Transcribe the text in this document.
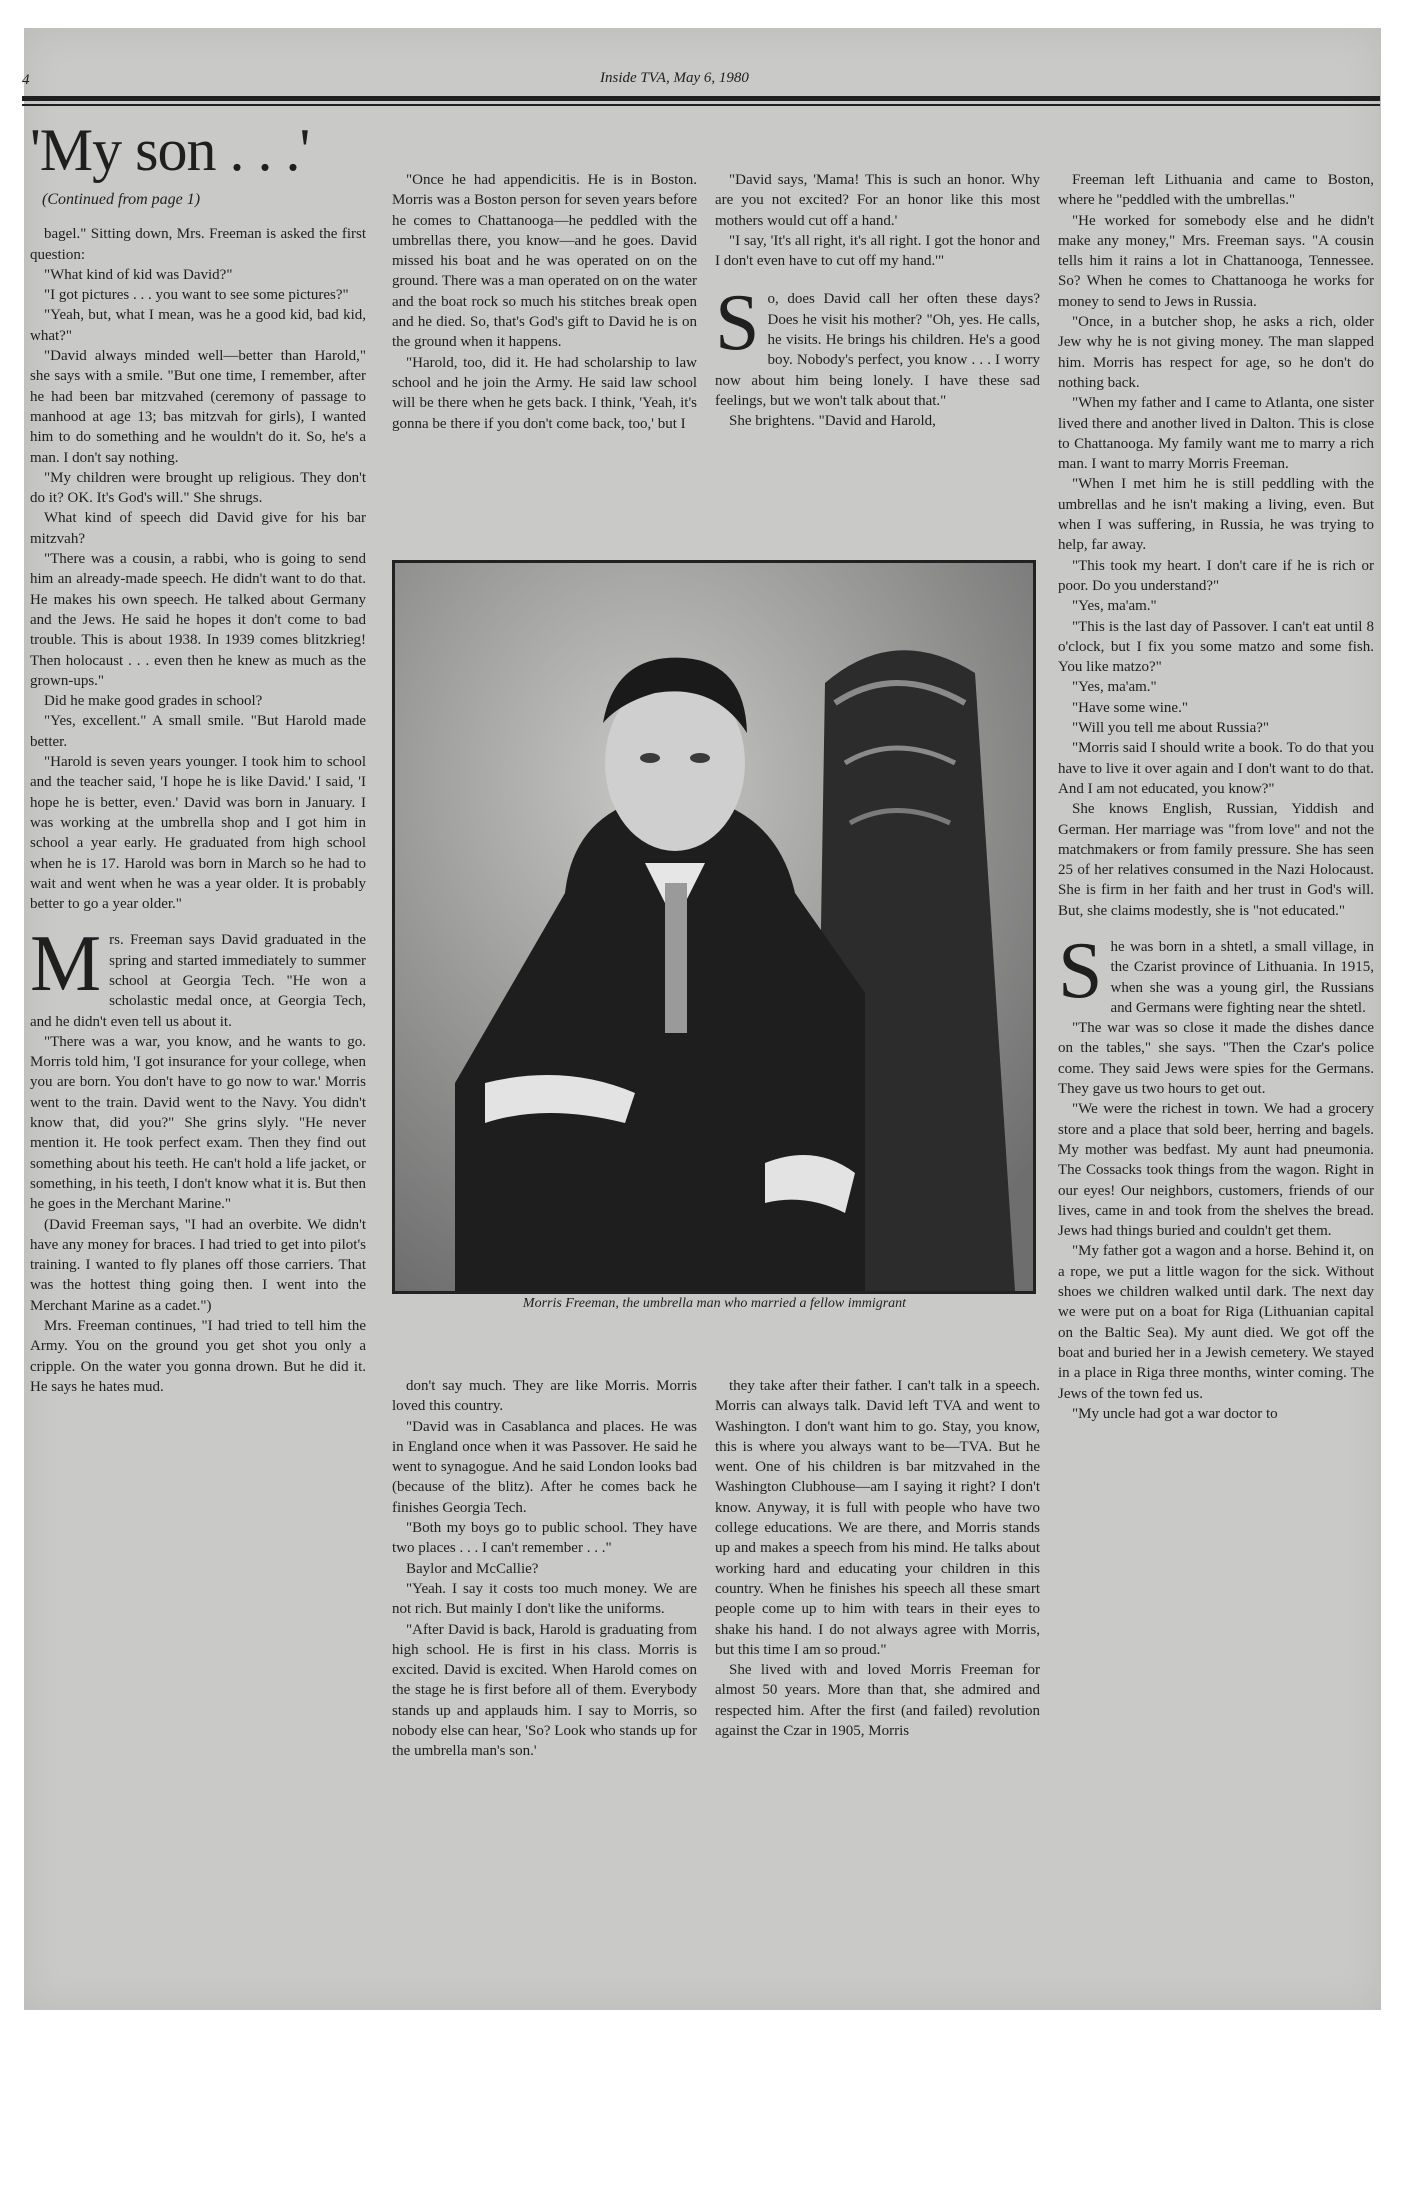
4	Inside TVA, May 6, 1980
'My son . . .'
(Continued from page 1)

bagel." Sitting down, Mrs. Freeman is asked the first question:

"What kind of kid was David?"

"I got pictures . . . you want to see some pictures?"

"Yeah, but, what I mean, was he a good kid, bad kid, what?"

"David always minded well—better than Harold," she says with a smile. "But one time, I remember, after he had been bar mitzvahed (ceremony of passage to manhood at age 13; bas mitzvah for girls), I wanted him to do something and he wouldn't do it. So, he's a man. I don't say nothing.

"My children were brought up religious. They don't do it? OK. It's God's will." She shrugs.

What kind of speech did David give for his bar mitzvah?

"There was a cousin, a rabbi, who is going to send him an already-made speech. He didn't want to do that. He makes his own speech. He talked about Germany and the Jews. He said he hopes it don't come to bad trouble. This is about 1938. In 1939 comes blitzkrieg! Then holocaust . . . even then he knew as much as the grown-ups."

Did he make good grades in school?

"Yes, excellent." A small smile. "But Harold made better.

"Harold is seven years younger. I took him to school and the teacher said, 'I hope he is like David.' I said, 'I hope he is better, even.' David was born in January. I was working at the umbrella shop and I got him in school a year early. He graduated from high school when he is 17. Harold was born in March so he had to wait and went when he was a year older. It is probably better to go a year older."

Mrs. Freeman says David graduated in the spring and started immediately to summer school at Georgia Tech. "He won a scholastic medal once, at Georgia Tech, and he didn't even tell us about it.

"There was a war, you know, and he wants to go. Morris told him, 'I got insurance for your college, when you are born. You don't have to go now to war.' Morris went to the train. David went to the Navy. You didn't know that, did you?" She grins slyly. "He never mention it. He took perfect exam. Then they find out something about his teeth. He can't hold a life jacket, or something, in his teeth, I don't know what it is. But then he goes in the Merchant Marine."

(David Freeman says, "I had an overbite. We didn't have any money for braces. I had tried to get into pilot's training. I wanted to fly planes off those carriers. That was the hottest thing going then. I went into the Merchant Marine as a cadet.")

Mrs. Freeman continues, "I had tried to tell him the Army. You on the ground you get shot you only a cripple. On the water you gonna drown. But he did it. He says he hates mud.

"Once he had appendicitis. He is in Boston. Morris was a Boston person for seven years before he comes to Chattanooga—he peddled with the umbrellas there, you know—and he goes. David missed his boat and he was operated on on the ground. There was a man operated on on the water and the boat rock so much his stitches break open and he died. So, that's God's gift to David he is on the ground when it happens.

"Harold, too, did it. He had scholarship to law school and he join the Army. He said law school will be there when he gets back. I think, 'Yeah, it's gonna be there if you don't come back, too,' but I

"David says, 'Mama! This is such an honor. Why are you not excited? For an honor like this most mothers would cut off a hand.'

"I say, 'It's all right, it's all right. I got the honor and I don't even have to cut off my hand.'"

So, does David call her often these days? Does he visit his mother? "Oh, yes. He calls, he visits. He brings his children. He's a good boy. Nobody's perfect, you know . . . I worry now about him being lonely. I have these sad feelings, but we won't talk about that."

She brightens. "David and Harold,

Morris Freeman, the umbrella man who married a fellow immigrant

don't say much. They are like Morris. Morris loved this country.

"David was in Casablanca and places. He was in England once when it was Passover. He said he went to synagogue. And he said London looks bad (because of the blitz). After he comes back he finishes Georgia Tech.

"Both my boys go to public school. They have two places . . . I can't remember . . ."

Baylor and McCallie?

"Yeah. I say it costs too much money. We are not rich. But mainly I don't like the uniforms.

"After David is back, Harold is graduating from high school. He is first in his class. Morris is excited. David is excited. When Harold comes on the stage he is first before all of them. Everybody stands up and applauds him. I say to Morris, so nobody else can hear, 'So? Look who stands up for the umbrella man's son.'

they take after their father. I can't talk in a speech. Morris can always talk. David left TVA and went to Washington. I don't want him to go. Stay, you know, this is where you always want to be—TVA. But he went. One of his children is bar mitzvahed in the Washington Clubhouse—am I saying it right? I don't know. Anyway, it is full with people who have two college educations. We are there, and Morris stands up and makes a speech from his mind. He talks about working hard and educating your children in this country. When he finishes his speech all these smart people come up to him with tears in their eyes to shake his hand. I do not always agree with Morris, but this time I am so proud."

She lived with and loved Morris Freeman for almost 50 years. More than that, she admired and respected him. After the first (and failed) revolution against the Czar in 1905, Morris

Freeman left Lithuania and came to Boston, where he "peddled with the umbrellas."

"He worked for somebody else and he didn't make any money," Mrs. Freeman says. "A cousin tells him it rains a lot in Chattanooga, Tennessee. So? When he comes to Chattanooga he works for money to send to Jews in Russia.

"Once, in a butcher shop, he asks a rich, older Jew why he is not giving money. The man slapped him. Morris has respect for age, so he don't do nothing back.

"When my father and I came to Atlanta, one sister lived there and another lived in Dalton. This is close to Chattanooga. My family want me to marry a rich man. I want to marry Morris Freeman.

"When I met him he is still peddling with the umbrellas and he isn't making a living, even. But when I was suffering, in Russia, he was trying to help, far away.

"This took my heart. I don't care if he is rich or poor. Do you understand?"

"Yes, ma'am."

"This is the last day of Passover. I can't eat until 8 o'clock, but I fix you some matzo and some fish. You like matzo?"

"Yes, ma'am."

"Have some wine."

"Will you tell me about Russia?"

"Morris said I should write a book. To do that you have to live it over again and I don't want to do that. And I am not educated, you know?"

She knows English, Russian, Yiddish and German. Her marriage was "from love" and not the matchmakers or from family pressure. She has seen 25 of her relatives consumed in the Nazi Holocaust. She is firm in her faith and her trust in God's will. But, she claims modestly, she is "not educated."

She was born in a shtetl, a small village, in the Czarist province of Lithuania. In 1915, when she was a young girl, the Russians and Germans were fighting near the shtetl.

"The war was so close it made the dishes dance on the tables," she says. "Then the Czar's police come. They said Jews were spies for the Germans. They gave us two hours to get out.

"We were the richest in town. We had a grocery store and a place that sold beer, herring and bagels. My mother was bedfast. My aunt had pneumonia. The Cossacks took things from the wagon. Right in our eyes! Our neighbors, customers, friends of our lives, came in and took from the shelves the bread. Jews had things buried and couldn't get them.

"My father got a wagon and a horse. Behind it, on a rope, we put a little wagon for the sick. Without shoes we children walked until dark. The next day we were put on a boat for Riga (Lithuanian capital on the Baltic Sea). My aunt died. We got off the boat and buried her in a Jewish cemetery. We stayed in a place in Riga three months, winter coming. The Jews of the town fed us.

"My uncle had got a war doctor to
